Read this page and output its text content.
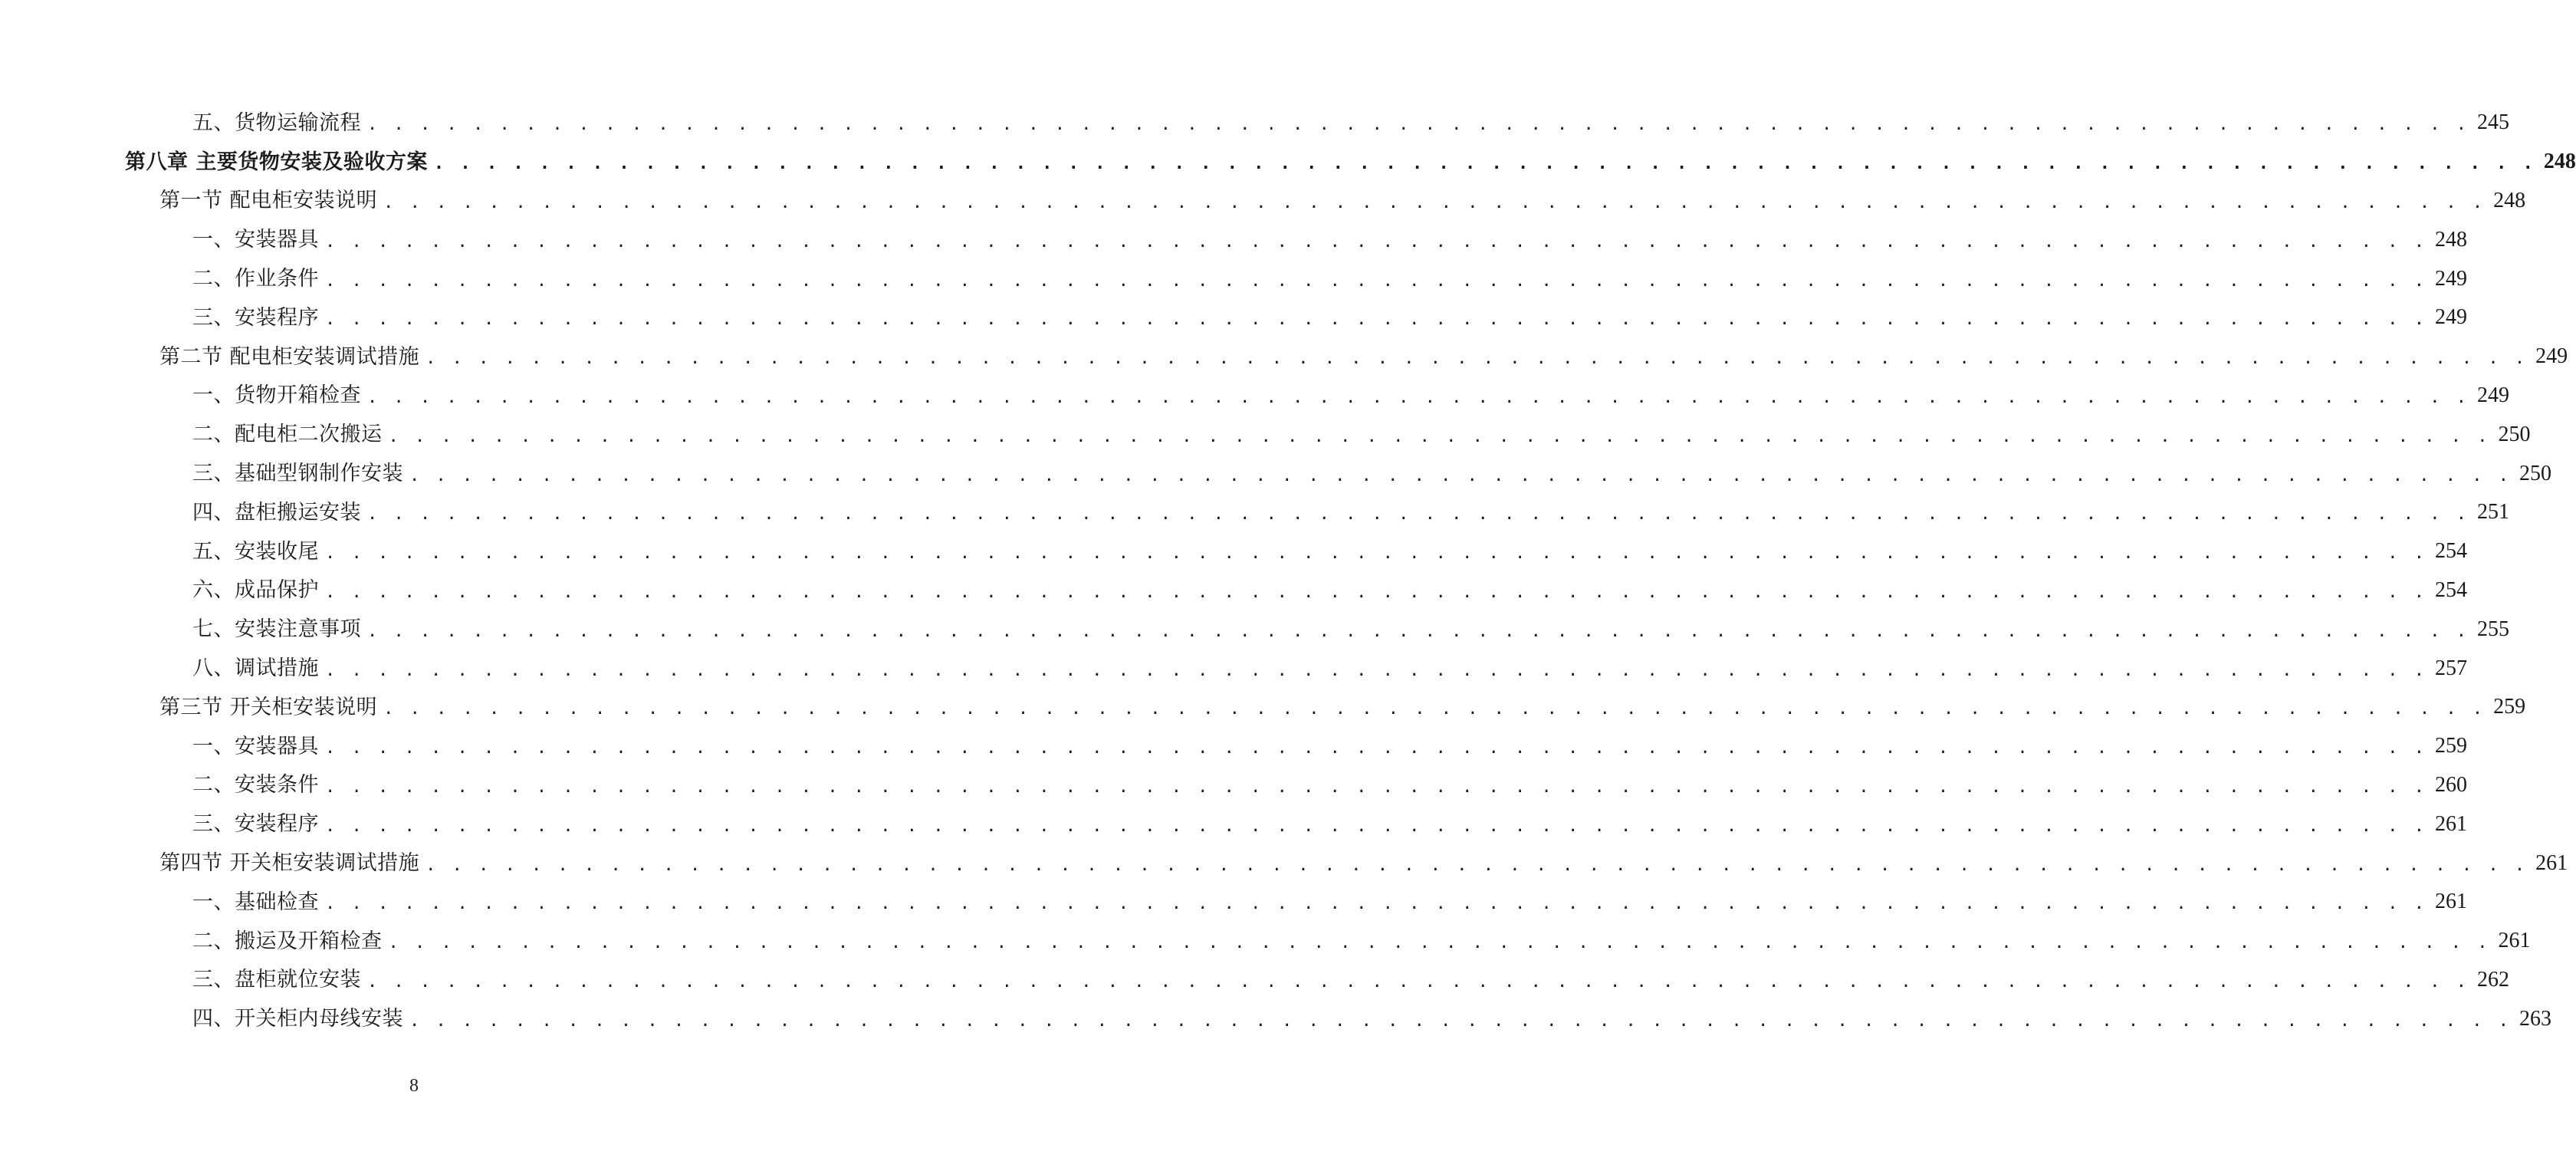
五、货物运输流程 . . . . . . . . . . . . . . . . . . . . . . . . . . . . . . . . . . . . . . . . . . . . . . . . . . . . . . . . . . . . . . . . . . . . . . . . . . . . . . . . 245
第八章 主要货物安装及验收方案 . . . . . . . . . . . . . . . . . . . . . . . . . . . . . . . . . . . . . . . . . . . . . . . . . . . . . . . . . . . . . . . . . . . . . . . . . . . . . . . . 248
第一节 配电柜安装说明 . . . . . . . . . . . . . . . . . . . . . . . . . . . . . . . . . . . . . . . . . . . . . . . . . . . . . . . . . . . . . . . . . . . . . . . . . . . . . . . . 248
一、安装器具 . . . . . . . . . . . . . . . . . . . . . . . . . . . . . . . . . . . . . . . . . . . . . . . . . . . . . . . . . . . . . . . . . . . . . . . . . . . . . . . . 248
二、作业条件 . . . . . . . . . . . . . . . . . . . . . . . . . . . . . . . . . . . . . . . . . . . . . . . . . . . . . . . . . . . . . . . . . . . . . . . . . . . . . . . . 249
三、安装程序 . . . . . . . . . . . . . . . . . . . . . . . . . . . . . . . . . . . . . . . . . . . . . . . . . . . . . . . . . . . . . . . . . . . . . . . . . . . . . . . . 249
第二节 配电柜安装调试措施 . . . . . . . . . . . . . . . . . . . . . . . . . . . . . . . . . . . . . . . . . . . . . . . . . . . . . . . . . . . . . . . . . . . . . . . . . . . . . . . . 249
一、货物开箱检查 . . . . . . . . . . . . . . . . . . . . . . . . . . . . . . . . . . . . . . . . . . . . . . . . . . . . . . . . . . . . . . . . . . . . . . . . . . . . . . . . 249
二、配电柜二次搬运 . . . . . . . . . . . . . . . . . . . . . . . . . . . . . . . . . . . . . . . . . . . . . . . . . . . . . . . . . . . . . . . . . . . . . . . . . . . . . . . . 250
三、基础型钢制作安装 . . . . . . . . . . . . . . . . . . . . . . . . . . . . . . . . . . . . . . . . . . . . . . . . . . . . . . . . . . . . . . . . . . . . . . . . . . . . . . . . 250
四、盘柜搬运安装 . . . . . . . . . . . . . . . . . . . . . . . . . . . . . . . . . . . . . . . . . . . . . . . . . . . . . . . . . . . . . . . . . . . . . . . . . . . . . . . . 251
五、安装收尾 . . . . . . . . . . . . . . . . . . . . . . . . . . . . . . . . . . . . . . . . . . . . . . . . . . . . . . . . . . . . . . . . . . . . . . . . . . . . . . . . 254
六、成品保护 . . . . . . . . . . . . . . . . . . . . . . . . . . . . . . . . . . . . . . . . . . . . . . . . . . . . . . . . . . . . . . . . . . . . . . . . . . . . . . . . 254
七、安装注意事项 . . . . . . . . . . . . . . . . . . . . . . . . . . . . . . . . . . . . . . . . . . . . . . . . . . . . . . . . . . . . . . . . . . . . . . . . . . . . . . . . 255
八、调试措施 . . . . . . . . . . . . . . . . . . . . . . . . . . . . . . . . . . . . . . . . . . . . . . . . . . . . . . . . . . . . . . . . . . . . . . . . . . . . . . . . 257
第三节 开关柜安装说明 . . . . . . . . . . . . . . . . . . . . . . . . . . . . . . . . . . . . . . . . . . . . . . . . . . . . . . . . . . . . . . . . . . . . . . . . . . . . . . . . 259
一、安装器具 . . . . . . . . . . . . . . . . . . . . . . . . . . . . . . . . . . . . . . . . . . . . . . . . . . . . . . . . . . . . . . . . . . . . . . . . . . . . . . . . 259
二、安装条件 . . . . . . . . . . . . . . . . . . . . . . . . . . . . . . . . . . . . . . . . . . . . . . . . . . . . . . . . . . . . . . . . . . . . . . . . . . . . . . . . 260
三、安装程序 . . . . . . . . . . . . . . . . . . . . . . . . . . . . . . . . . . . . . . . . . . . . . . . . . . . . . . . . . . . . . . . . . . . . . . . . . . . . . . . . 261
第四节 开关柜安装调试措施 . . . . . . . . . . . . . . . . . . . . . . . . . . . . . . . . . . . . . . . . . . . . . . . . . . . . . . . . . . . . . . . . . . . . . . . . . . . . . . . . 261
一、基础检查 . . . . . . . . . . . . . . . . . . . . . . . . . . . . . . . . . . . . . . . . . . . . . . . . . . . . . . . . . . . . . . . . . . . . . . . . . . . . . . . . 261
二、搬运及开箱检查 . . . . . . . . . . . . . . . . . . . . . . . . . . . . . . . . . . . . . . . . . . . . . . . . . . . . . . . . . . . . . . . . . . . . . . . . . . . . . . . . 261
三、盘柜就位安装 . . . . . . . . . . . . . . . . . . . . . . . . . . . . . . . . . . . . . . . . . . . . . . . . . . . . . . . . . . . . . . . . . . . . . . . . . . . . . . . . 262
四、开关柜内母线安装 . . . . . . . . . . . . . . . . . . . . . . . . . . . . . . . . . . . . . . . . . . . . . . . . . . . . . . . . . . . . . . . . . . . . . . . . . . . . . . . . 263
8
